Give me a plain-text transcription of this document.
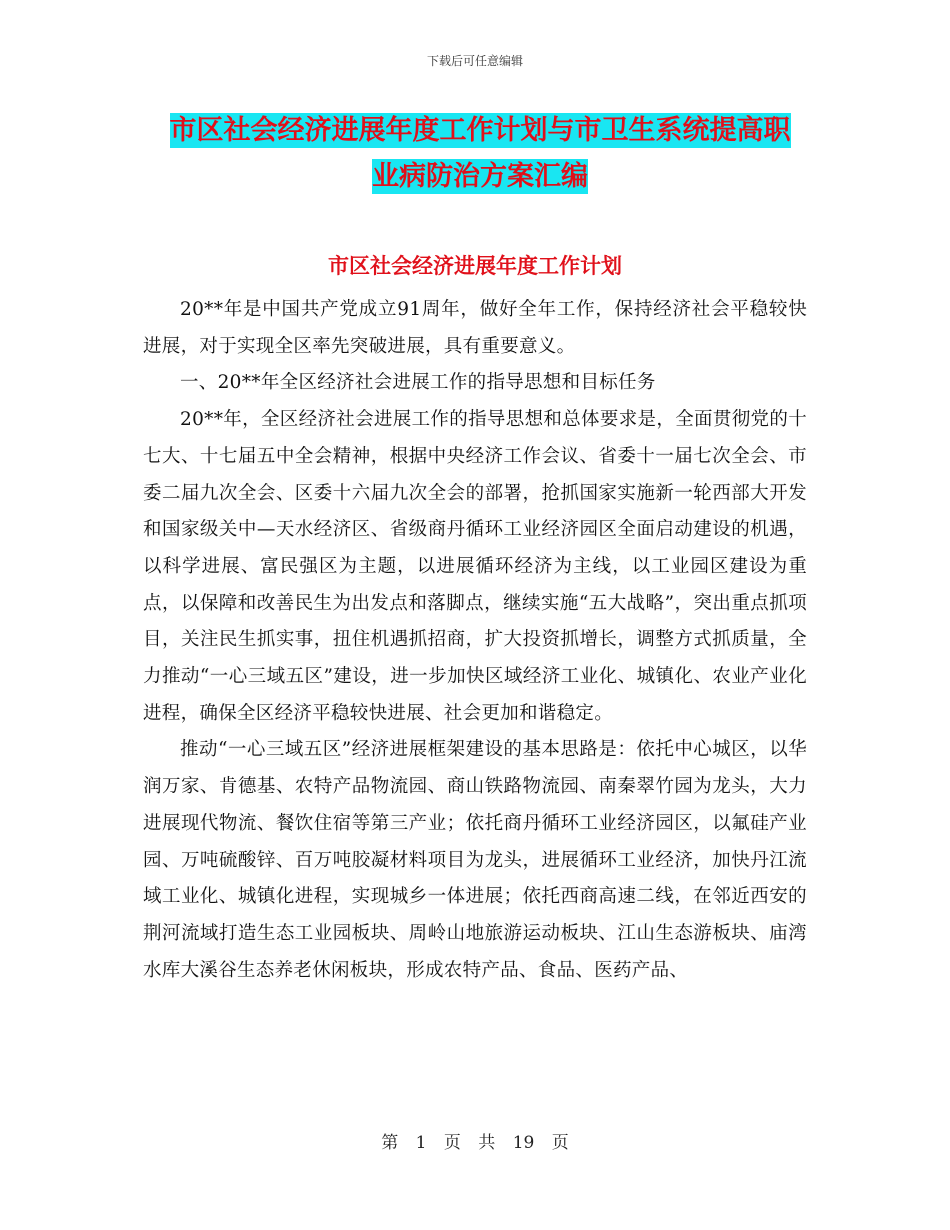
下载后可任意编辑
市区社会经济进展年度工作计划与市卫生系统提高职
业病防治方案汇编
市区社会经济进展年度工作计划

20**年是中国共产党成立91周年，做好全年工作，保持经济社会平稳较快进展，对于实现全区率先突破进展，具有重要意义。

一、20**年全区经济社会进展工作的指导思想和目标任务

20**年，全区经济社会进展工作的指导思想和总体要求是，全面贯彻党的十七大、十七届五中全会精神，根据中央经济工作会议、省委十一届七次全会、市委二届九次全会、区委十六届九次全会的部署，抢抓国家实施新一轮西部大开发和国家级关中—天水经济区、省级商丹循环工业经济园区全面启动建设的机遇，以科学进展、富民强区为主题，以进展循环经济为主线，以工业园区建设为重点，以保障和改善民生为出发点和落脚点，继续实施“五大战略”，突出重点抓项目，关注民生抓实事，扭住机遇抓招商，扩大投资抓增长，调整方式抓质量，全力推动“一心三域五区”建设，进一步加快区域经济工业化、城镇化、农业产业化进程，确保全区经济平稳较快进展、社会更加和谐稳定。

推动“一心三域五区”经济进展框架建设的基本思路是：依托中心城区，以华润万家、肯德基、农特产品物流园、商山铁路物流园、南秦翠竹园为龙头，大力进展现代物流、餐饮住宿等第三产业；依托商丹循环工业经济园区，以氟硅产业园、万吨硫酸锌、百万吨胶凝材料项目为龙头，进展循环工业经济，加快丹江流域工业化、城镇化进程，实现城乡一体进展；依托西商高速二线，在邻近西安的荆河流域打造生态工业园板块、周岭山地旅游运动板块、江山生态游板块、庙湾水库大溪谷生态养老休闲板块，形成农特产品、食品、医药产品、

第 1 页 共 19 页
